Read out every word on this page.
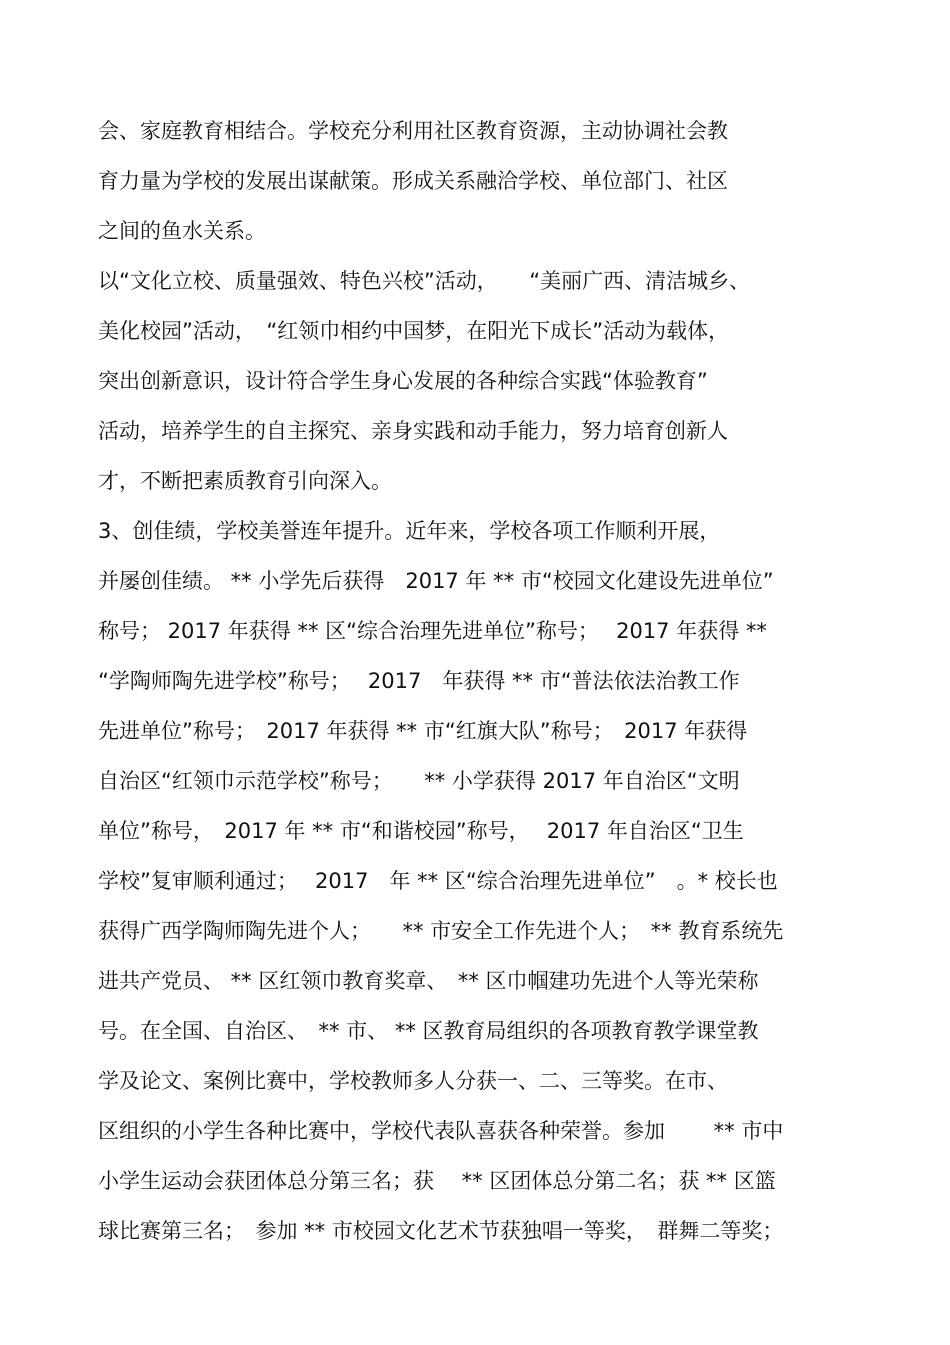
会、家庭教育相结合。学校充分利用社区教育资源，主动协调社会教

育力量为学校的发展出谋献策。形成关系融洽学校、单位部门、社区

之间的鱼水关系。

以“文化立校、质量强效、特色兴校”活动，　　“美丽广西、清洁城乡、

美化校园”活动，　“红领巾相约中国梦，在阳光下成长”活动为载体，

突出创新意识，设计符合学生身心发展的各种综合实践“体验教育”

活动，培养学生的自主探究、亲身实践和动手能力，努力培育创新人

才，不断把素质教育引向深入。

3、创佳绩，学校美誉连年提升。近年来，学校各项工作顺利开展，

并屡创佳绩。 ** 小学先后获得　2017 年 ** 市“校园文化建设先进单位”

称号； 2017 年获得 ** 区“综合治理先进单位”称号；　 2017 年获得 **

“学陶师陶先进学校”称号；　 2017　年获得 ** 市“普法依法治教工作

先进单位”称号；　2017 年获得 ** 市“红旗大队”称号；　2017 年获得

自治区“红领巾示范学校”称号；　　** 小学获得 2017 年自治区“文明

单位”称号，　2017 年 ** 市“和谐校园”称号，　 2017 年自治区“卫生

学校”复审顺利通过；　 2017　年 ** 区“综合治理先进单位”　。* 校长也

获得广西学陶师陶先进个人；　　** 市安全工作先进个人；　** 教育系统先

进共产党员、 ** 区红领巾教育奖章、　** 区巾帼建功先进个人等光荣称

号。在全国、自治区、　** 市、 ** 区教育局组织的各项教育教学课堂教

学及论文、案例比赛中，学校教师多人分获一、二、三等奖。在市、

区组织的小学生各种比赛中，学校代表队喜获各种荣誉。参加　　 ** 市中

小学生运动会获团体总分第三名；获　 ** 区团体总分第二名；获 ** 区篮

球比赛第三名；　参加 ** 市校园文化艺术节获独唱一等奖，　群舞二等奖；
